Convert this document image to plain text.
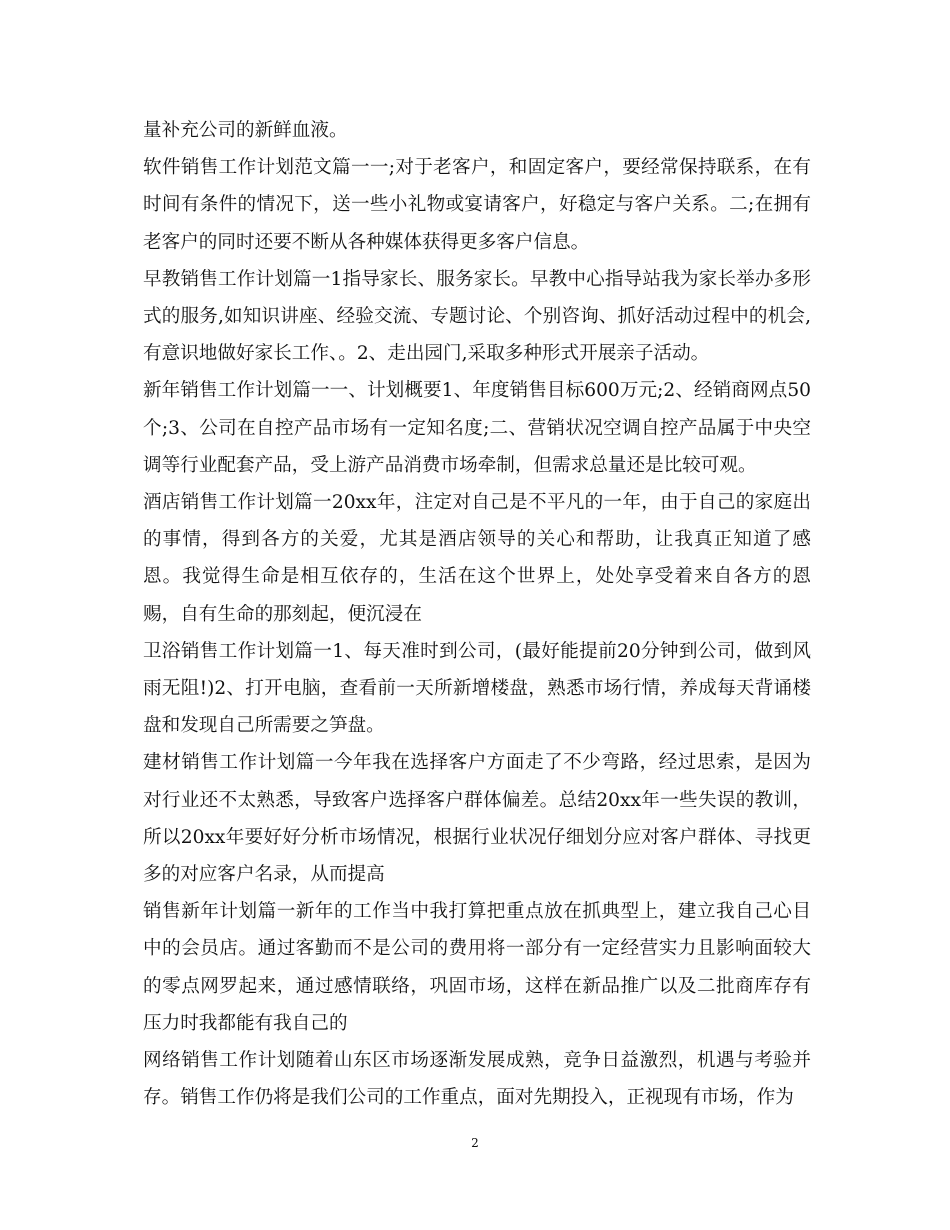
量补充公司的新鲜血液。

软件销售工作计划范文篇一一;对于老客户，和固定客户，要经常保持联系，在有时间有条件的情况下，送一些小礼物或宴请客户，好稳定与客户关系。二;在拥有老客户的同时还要不断从各种媒体获得更多客户信息。

早教销售工作计划篇一1指导家长、服务家长。早教中心指导站我为家长举办多形式的服务,如知识讲座、经验交流、专题讨论、个别咨询、抓好活动过程中的机会,有意识地做好家长工作、。2、走出园门,采取多种形式开展亲子活动。

新年销售工作计划篇一一、计划概要1、年度销售目标600万元;2、经销商网点50个;3、公司在自控产品市场有一定知名度;二、营销状况空调自控产品属于中央空调等行业配套产品，受上游产品消费市场牵制，但需求总量还是比较可观。

酒店销售工作计划篇一20xx年，注定对自己是不平凡的一年，由于自己的家庭出的事情，得到各方的关爱，尤其是酒店领导的关心和帮助，让我真正知道了感恩。我觉得生命是相互依存的，生活在这个世界上，处处享受着来自各方的恩赐，自有生命的那刻起，便沉浸在

卫浴销售工作计划篇一1、每天准时到公司，(最好能提前20分钟到公司，做到风雨无阻!)2、打开电脑，查看前一天所新增楼盘，熟悉市场行情，养成每天背诵楼盘和发现自己所需要之笋盘。

建材销售工作计划篇一今年我在选择客户方面走了不少弯路，经过思索，是因为对行业还不太熟悉，导致客户选择客户群体偏差。总结20xx年一些失误的教训，所以20xx年要好好分析市场情况，根据行业状况仔细划分应对客户群体、寻找更多的对应客户名录，从而提高

销售新年计划篇一新年的工作当中我打算把重点放在抓典型上，建立我自己心目中的会员店。通过客勤而不是公司的费用将一部分有一定经营实力且影响面较大的零点网罗起来，通过感情联络，巩固市场，这样在新品推广以及二批商库存有压力时我都能有我自己的

网络销售工作计划随着山东区市场逐渐发展成熟，竞争日益激烈，机遇与考验并存。销售工作仍将是我们公司的工作重点，面对先期投入，正视现有市场，作为

2
